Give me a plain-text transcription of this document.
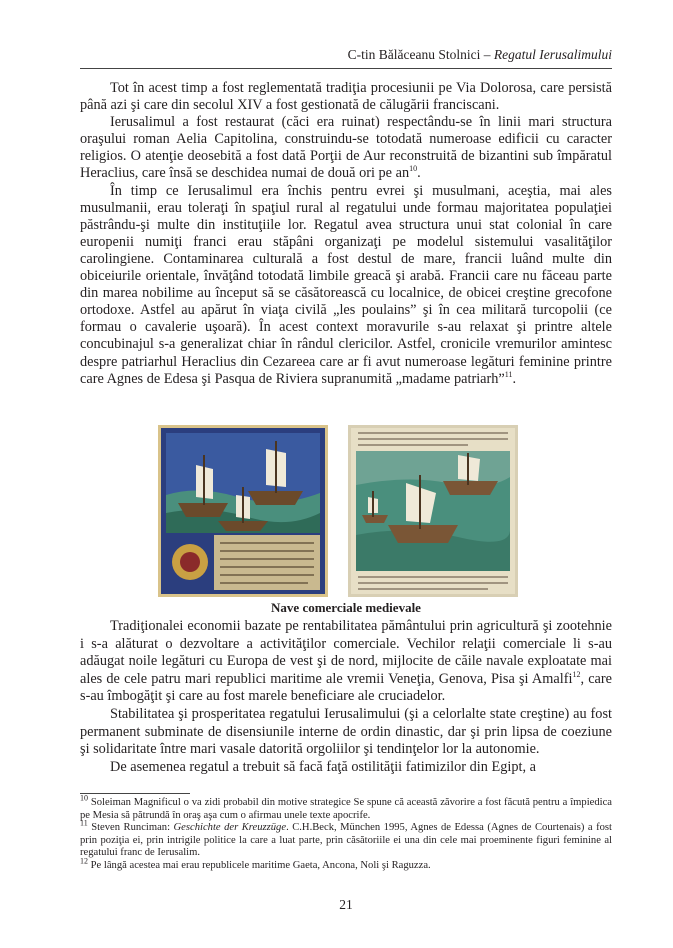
C-tin Bălăceanu Stolnici – Regatul Ierusalimului

Tot în acest timp a fost reglementată tradiţia procesiunii pe Via Dolorosa, care persistă până azi şi care din secolul XIV a fost gestionată de călugării franciscani.

Ierusalimul a fost restaurat (căci era ruinat) respectându-se în linii mari structura oraşului roman Aelia Capitolina, construindu-se totodată numeroase edificii cu caracter religios. O atenţie deosebită a fost dată Porţii de Aur reconstruită de bizantini sub împăratul Heraclius, care însă se deschidea numai de două ori pe $an^{10}$.

În timp ce Ierusalimul era închis pentru evrei şi musulmani, aceştia, mai ales musulmanii, erau toleraţi în spaţiul rural al regatului unde formau majoritatea populaţiei păstrându-şi multe din instituţiile lor. Regatul avea structura unui stat colonial în care europenii numiţi franci erau stăpâni organizaţi pe modelul sistemului vasalităţilor carolingiene. Contaminarea culturală a fost destul de mare, francii luând multe din obiceiurile orientale, învăţând totodată limbile greacă şi arabă. Francii care nu făceau parte din marea nobilime au început să se căsătorească cu localnice, de obicei creştine grecofone ortodoxe. Astfel au apărut în viaţa civilă „les poulains” şi în cea militară turcopolii (ce formau o cavalerie uşoară). În acest context moravurile s-au relaxat şi printre altele concubinajul s-a generalizat chiar în rândul clericilor. Astfel, cronicile vremurilor amintesc despre patriarhul Heraclius din Cezareea care ar fi avut numeroase legături feminine printre care Agnes de Edesa şi Pasqua de Riviera supranumită „madame patriarh”$^{11}$.

Nave comerciale medievale

Tradiţionalei economii bazate pe rentabilitatea pământului prin agricultură şi zootehnie i s-a alăturat o dezvoltare a activităţilor comerciale. Vechilor relaţii comerciale li s-au adăugat noile legături cu Europa de vest şi de nord, mijlocite de căile navale exploatate mai ales de cele patru mari republici maritime ale vremii Veneţia, Genova, Pisa şi Amalfi$^{12}$, care s-au îmbogăţit şi care au fost marele beneficiare ale cruciadelor.

Stabilitatea şi prosperitatea regatului Ierusalimului (şi a celorlalte state creştine) au fost permanent subminate de disensiunile interne de ordin dinastic, dar şi prin lipsa de coeziune şi solidaritate între mari vasale datorită orgoliilor şi tendinţelor lor la autonomie.

De asemenea regatul a trebuit să facă faţă ostilităţii fatimizilor din Egipt, a

$^{10}$ Soleiman Magnificul o va zidi probabil din motive strategice Se spune că această zăvorire a fost făcută pentru a împiedica pe Mesia să pătrundă în oraş aşa cum o afirmau unele texte apocrife.

$^{11}$ Steven Runciman: Geschichte der Kreuzzüge. C.H.Beck, München 1995, Agnes de Edessa (Agnes de Courtenais) a fost prin poziţia ei, prin intrigile politice la care a luat parte, prin căsătoriile ei una din cele mai proeminente figuri feminine al regatului franc de Ierusalim.

$^{12}$ Pe lângă acestea mai erau republicele maritime Gaeta, Ancona, Noli şi Raguzza.

21
